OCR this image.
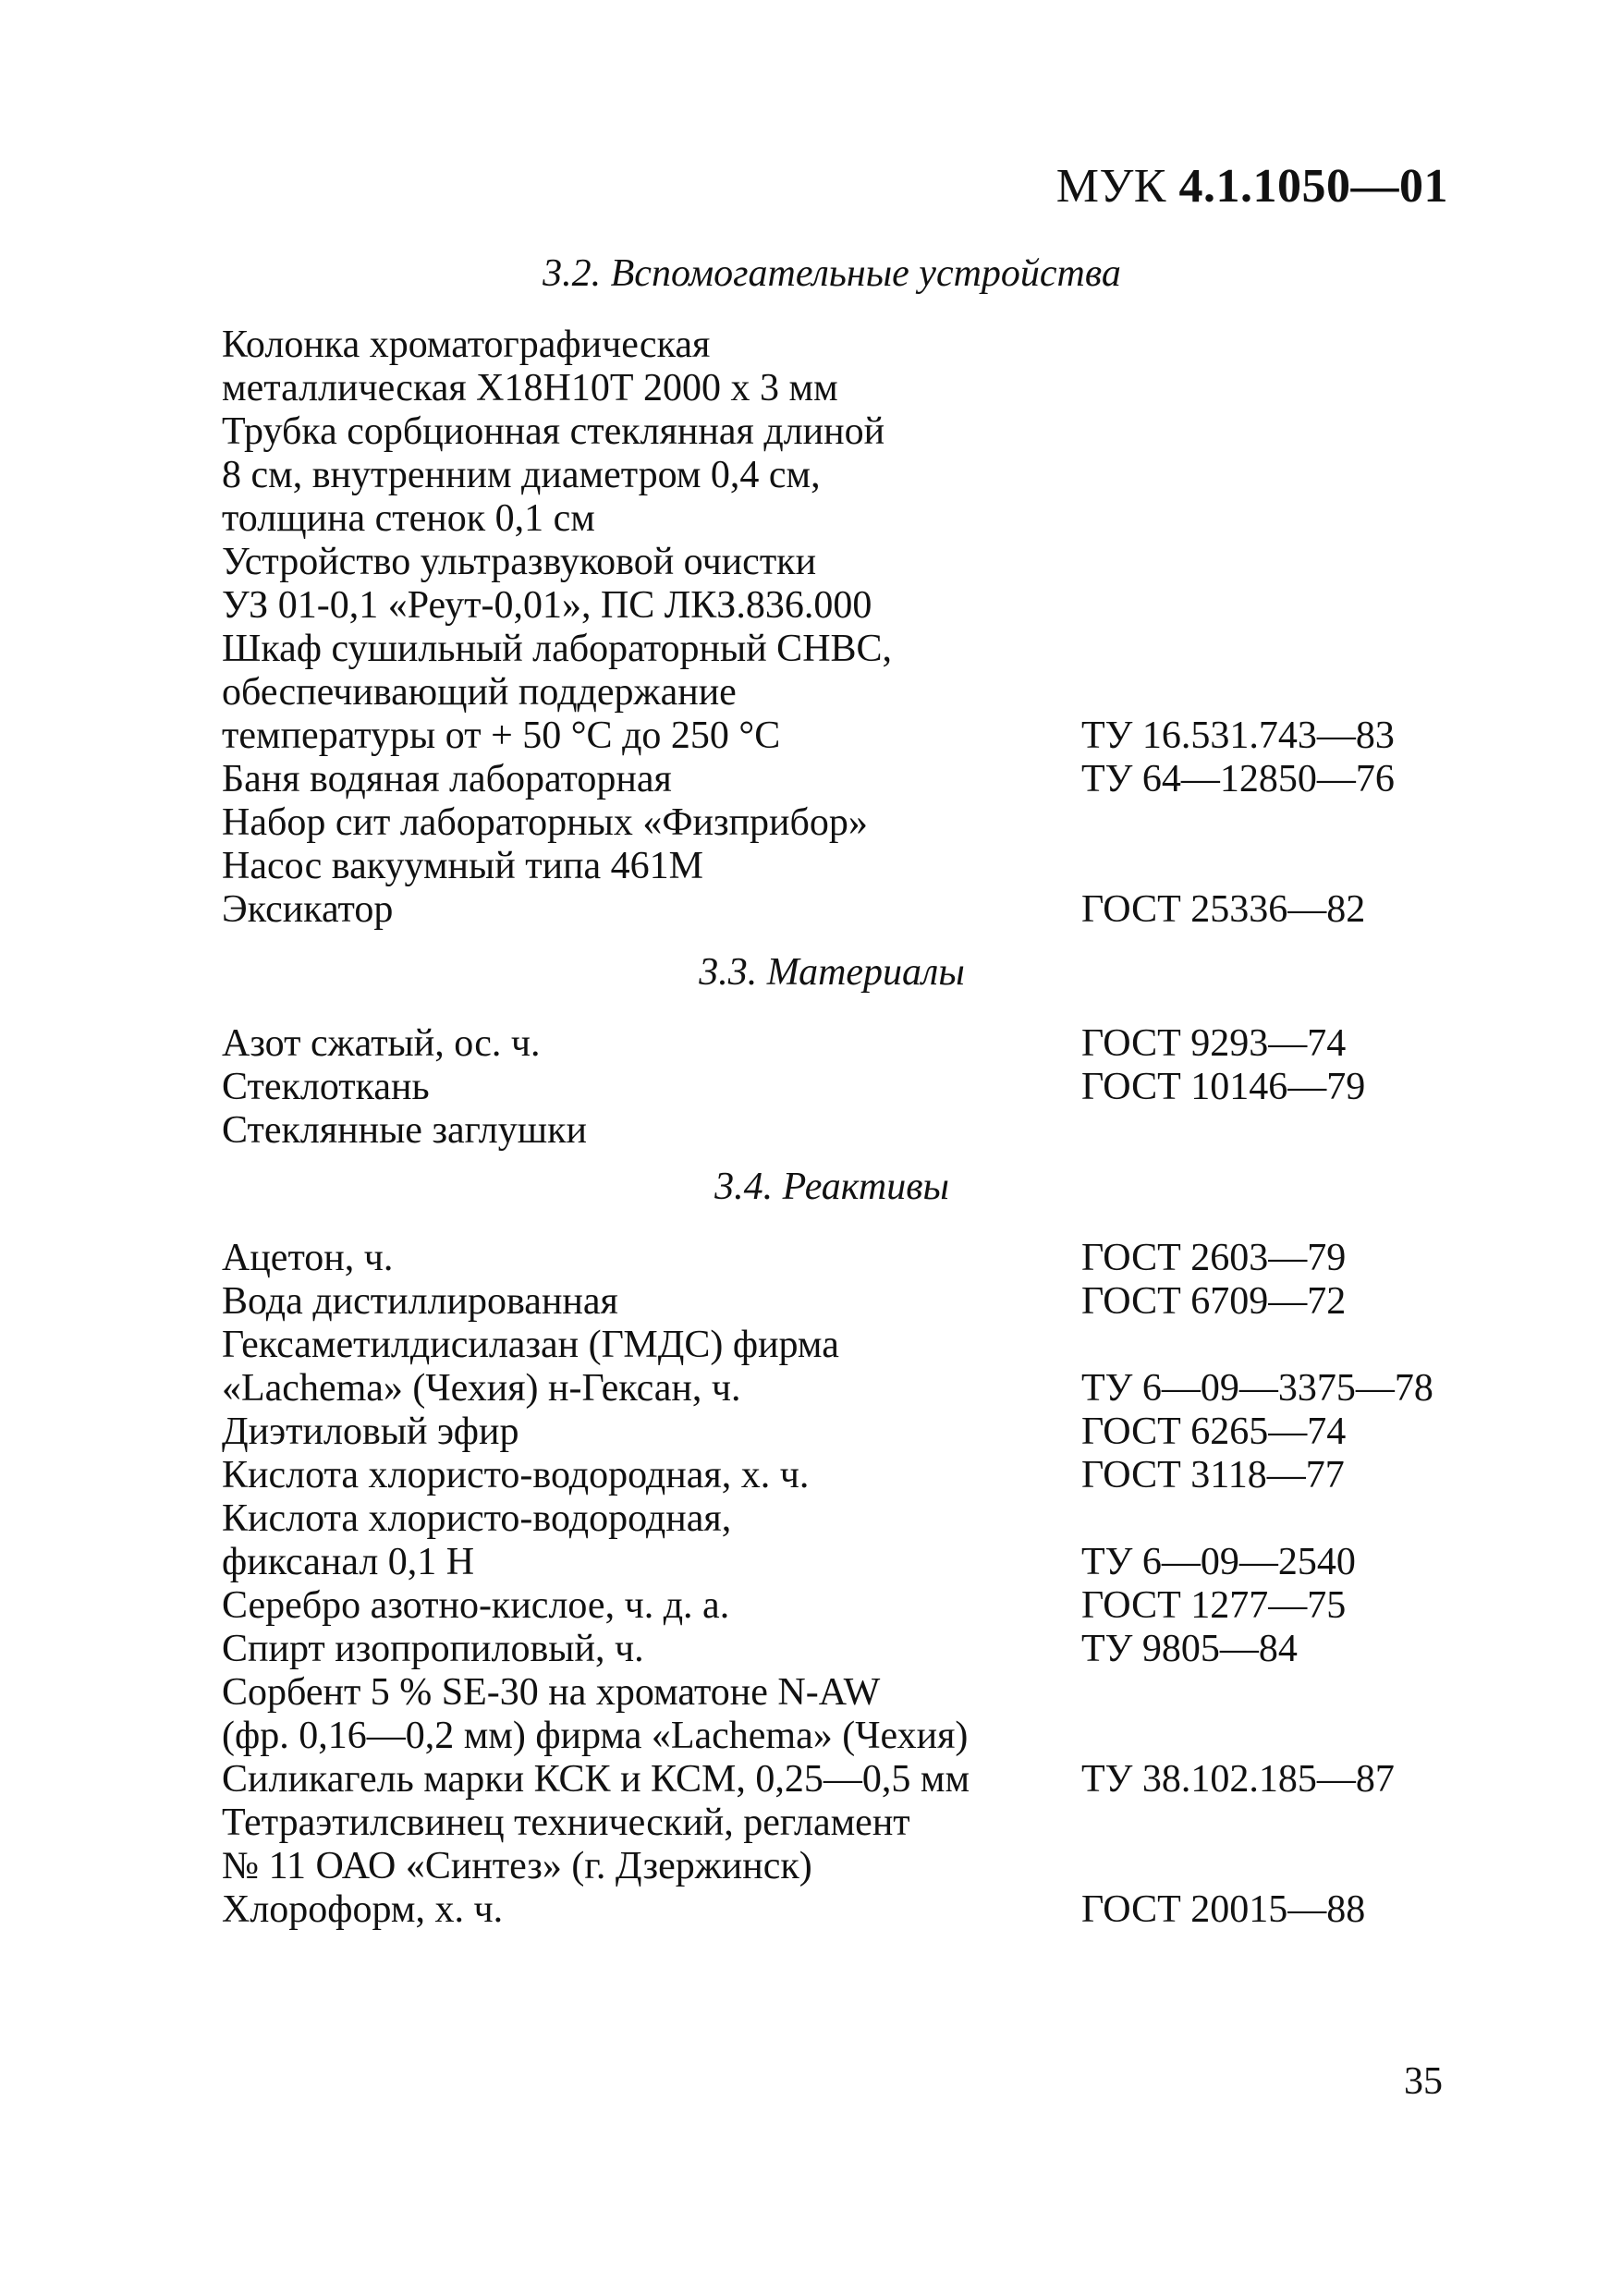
МУК 4.1.1050—01
3.2. Вспомогательные устройства
Колонка хроматографическая
металлическая Х18Н10Т 2000 х 3 мм
Трубка сорбционная стеклянная длиной
8 см, внутренним диаметром 0,4 см,
толщина стенок 0,1 см
Устройство ультразвуковой очистки
УЗ 01-0,1 «Реут-0,01», ПС ЛКЗ.836.000
Шкаф сушильный лабораторный СНВС,
обеспечивающий поддержание
температуры от + 50 °С до 250 °С	ТУ 16.531.743—83
Баня водяная лабораторная	ТУ 64—12850—76
Набор сит лабораторных «Физприбор»
Насос вакуумный типа 461М
Эксикатор	ГОСТ 25336—82
3.3. Материалы
Азот сжатый, ос. ч.	ГОСТ 9293—74
Стеклоткань	ГОСТ 10146—79
Стеклянные заглушки
3.4. Реактивы
Ацетон, ч.	ГОСТ 2603—79
Вода дистиллированная	ГОСТ 6709—72
Гексаметилдисилазан (ГМДС) фирма
«Lachema» (Чехия) н-Гексан, ч.	ТУ 6—09—3375—78
Диэтиловый эфир	ГОСТ 6265—74
Кислота хлористо-водородная, х. ч.	ГОСТ 3118—77
Кислота хлористо-водородная,
фиксанал 0,1 Н	ТУ 6—09—2540
Серебро азотно-кислое, ч. д. а.	ГОСТ 1277—75
Спирт изопропиловый, ч.	ТУ 9805—84
Сорбент 5 % SE-30 на хроматоне N-AW
(фр. 0,16—0,2 мм) фирма «Lachema» (Чехия)
Силикагель марки КСК и КСМ, 0,25—0,5 мм	ТУ 38.102.185—87
Тетраэтилсвинец технический, регламент
№ 11 ОАО «Синтез» (г. Дзержинск)
Хлороформ, х. ч.	ГОСТ 20015—88
35
